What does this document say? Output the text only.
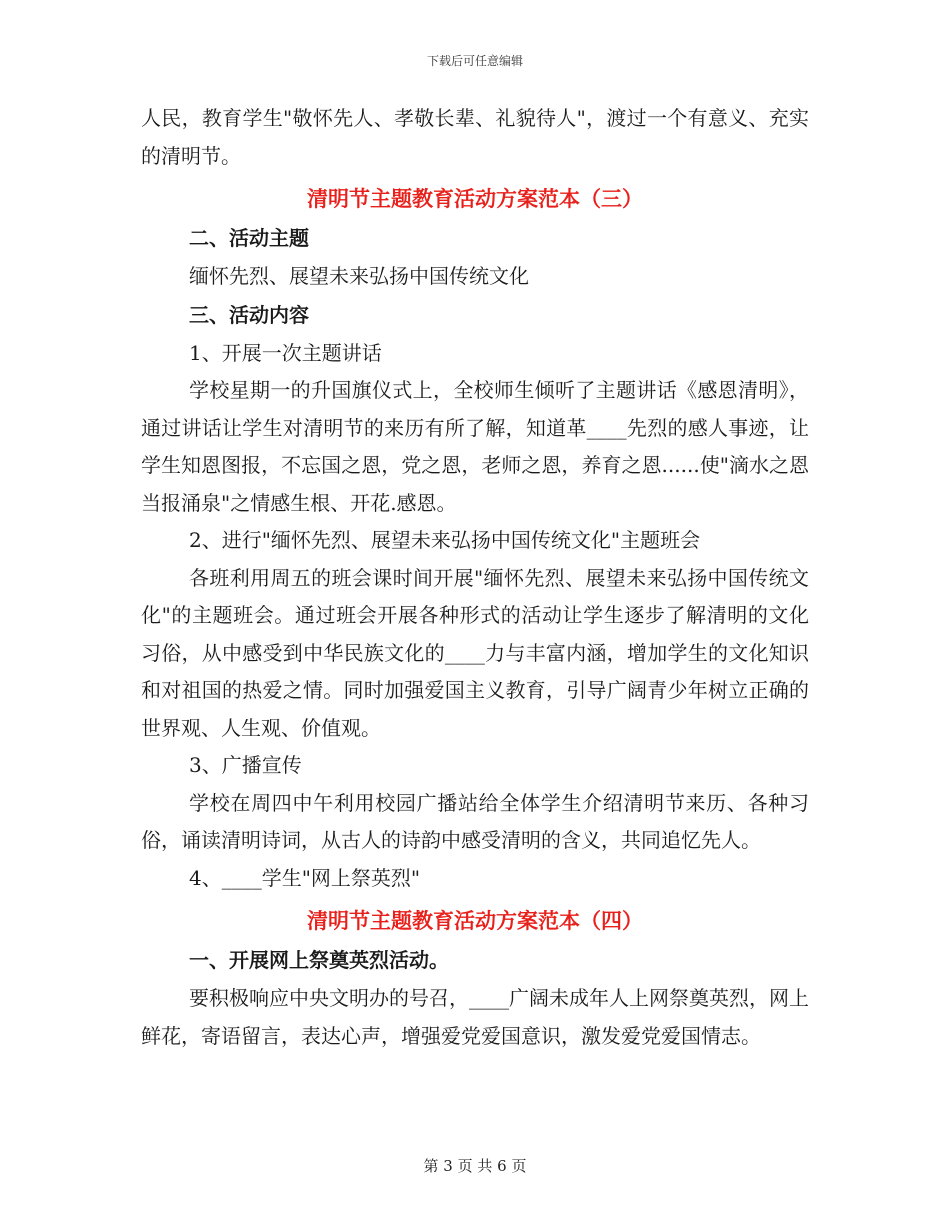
下载后可任意编辑

人民，教育学生"敬怀先人、孝敬长辈、礼貌待人"，渡过一个有意义、充实的清明节。

清明节主题教育活动方案范本（三）

二、活动主题

缅怀先烈、展望未来弘扬中国传统文化

三、活动内容

1、开展一次主题讲话

学校星期一的升国旗仪式上，全校师生倾听了主题讲话《感恩清明》，通过讲话让学生对清明节的来历有所了解，知道革____先烈的感人事迹，让学生知恩图报，不忘国之恩，党之恩，老师之恩，养育之恩......使"滴水之恩当报涌泉"之情感生根、开花.感恩。

2、进行"缅怀先烈、展望未来弘扬中国传统文化"主题班会

各班利用周五的班会课时间开展"缅怀先烈、展望未来弘扬中国传统文化"的主题班会。通过班会开展各种形式的活动让学生逐步了解清明的文化习俗，从中感受到中华民族文化的____力与丰富内涵，增加学生的文化知识和对祖国的热爱之情。同时加强爱国主义教育，引导广阔青少年树立正确的世界观、人生观、价值观。

3、广播宣传

学校在周四中午利用校园广播站给全体学生介绍清明节来历、各种习俗，诵读清明诗词，从古人的诗韵中感受清明的含义，共同追忆先人。

4、____学生"网上祭英烈"

清明节主题教育活动方案范本（四）

一、开展网上祭奠英烈活动。

要积极响应中央文明办的号召，____广阔未成年人上网祭奠英烈，网上鲜花，寄语留言，表达心声，增强爱党爱国意识，激发爱党爱国情志。

第 3 页 共 6 页
